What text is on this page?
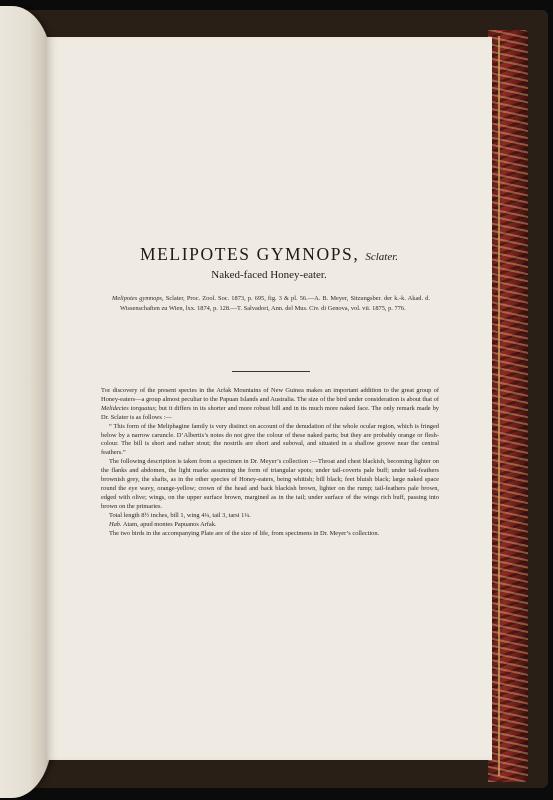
MELIPOTES GYMNOPS, Sclater.
Naked-faced Honey-eater.
Melipotes gymnops, Sclater, Proc. Zool. Soc. 1873, p. 695, fig. 3 & pl. 56.—A. B. Meyer, Sitzungsber. der k.-k. Akad. d. Wissenschaften zu Wien, lxx. 1874, p. 128.—T. Salvadori, Ann. del Mus. Civ. di Genova, vol. vii. 1875, p. 776.

The discovery of the present species in the Arfak Mountains of New Guinea makes an important addition to the great group of Honey-eaters—a group almost peculiar to the Papuan Islands and Australia. The size of the bird under consideration is about that of Melidectes torquatus; but it differs in its shorter and more robust bill and in its much more naked face. The only remark made by Dr. Sclater is as follows :—

“ This form of the Meliphagine family is very distinct on account of the denudation of the whole ocular region, which is fringed below by a narrow caruncle. D’Albertis’s notes do not give the colour of these naked parts; but they are probably orange or flesh-colour. The bill is short and rather stout; the nostrils are short and suboval, and situated in a shallow groove near the central feathers.”

The following description is taken from a specimen in Dr. Meyer’s collection :—Throat and chest blackish, becoming lighter on the flanks and abdomen, the light marks assuming the form of triangular spots; under tail-coverts pale buff; under tail-feathers brownish grey, the shafts, as in the other species of Honey-eaters, being whitish; bill black; feet bluish black; large naked space round the eye wavy, orange-yellow; crown of the head and back blackish brown, lighter on the rump; tail-feathers pale brown, edged with olive; wings, on the upper surface brown, margined as in the tail; under surface of the wings rich buff, passing into brown on the primaries.

Total length 8½ inches, bill 1, wing 4¼, tail 3, tarsi 1¼.

Hab. Atam, apud montes Papuanos Arfak.

The two birds in the accompanying Plate are of the size of life, from specimens in Dr. Meyer’s collection.
